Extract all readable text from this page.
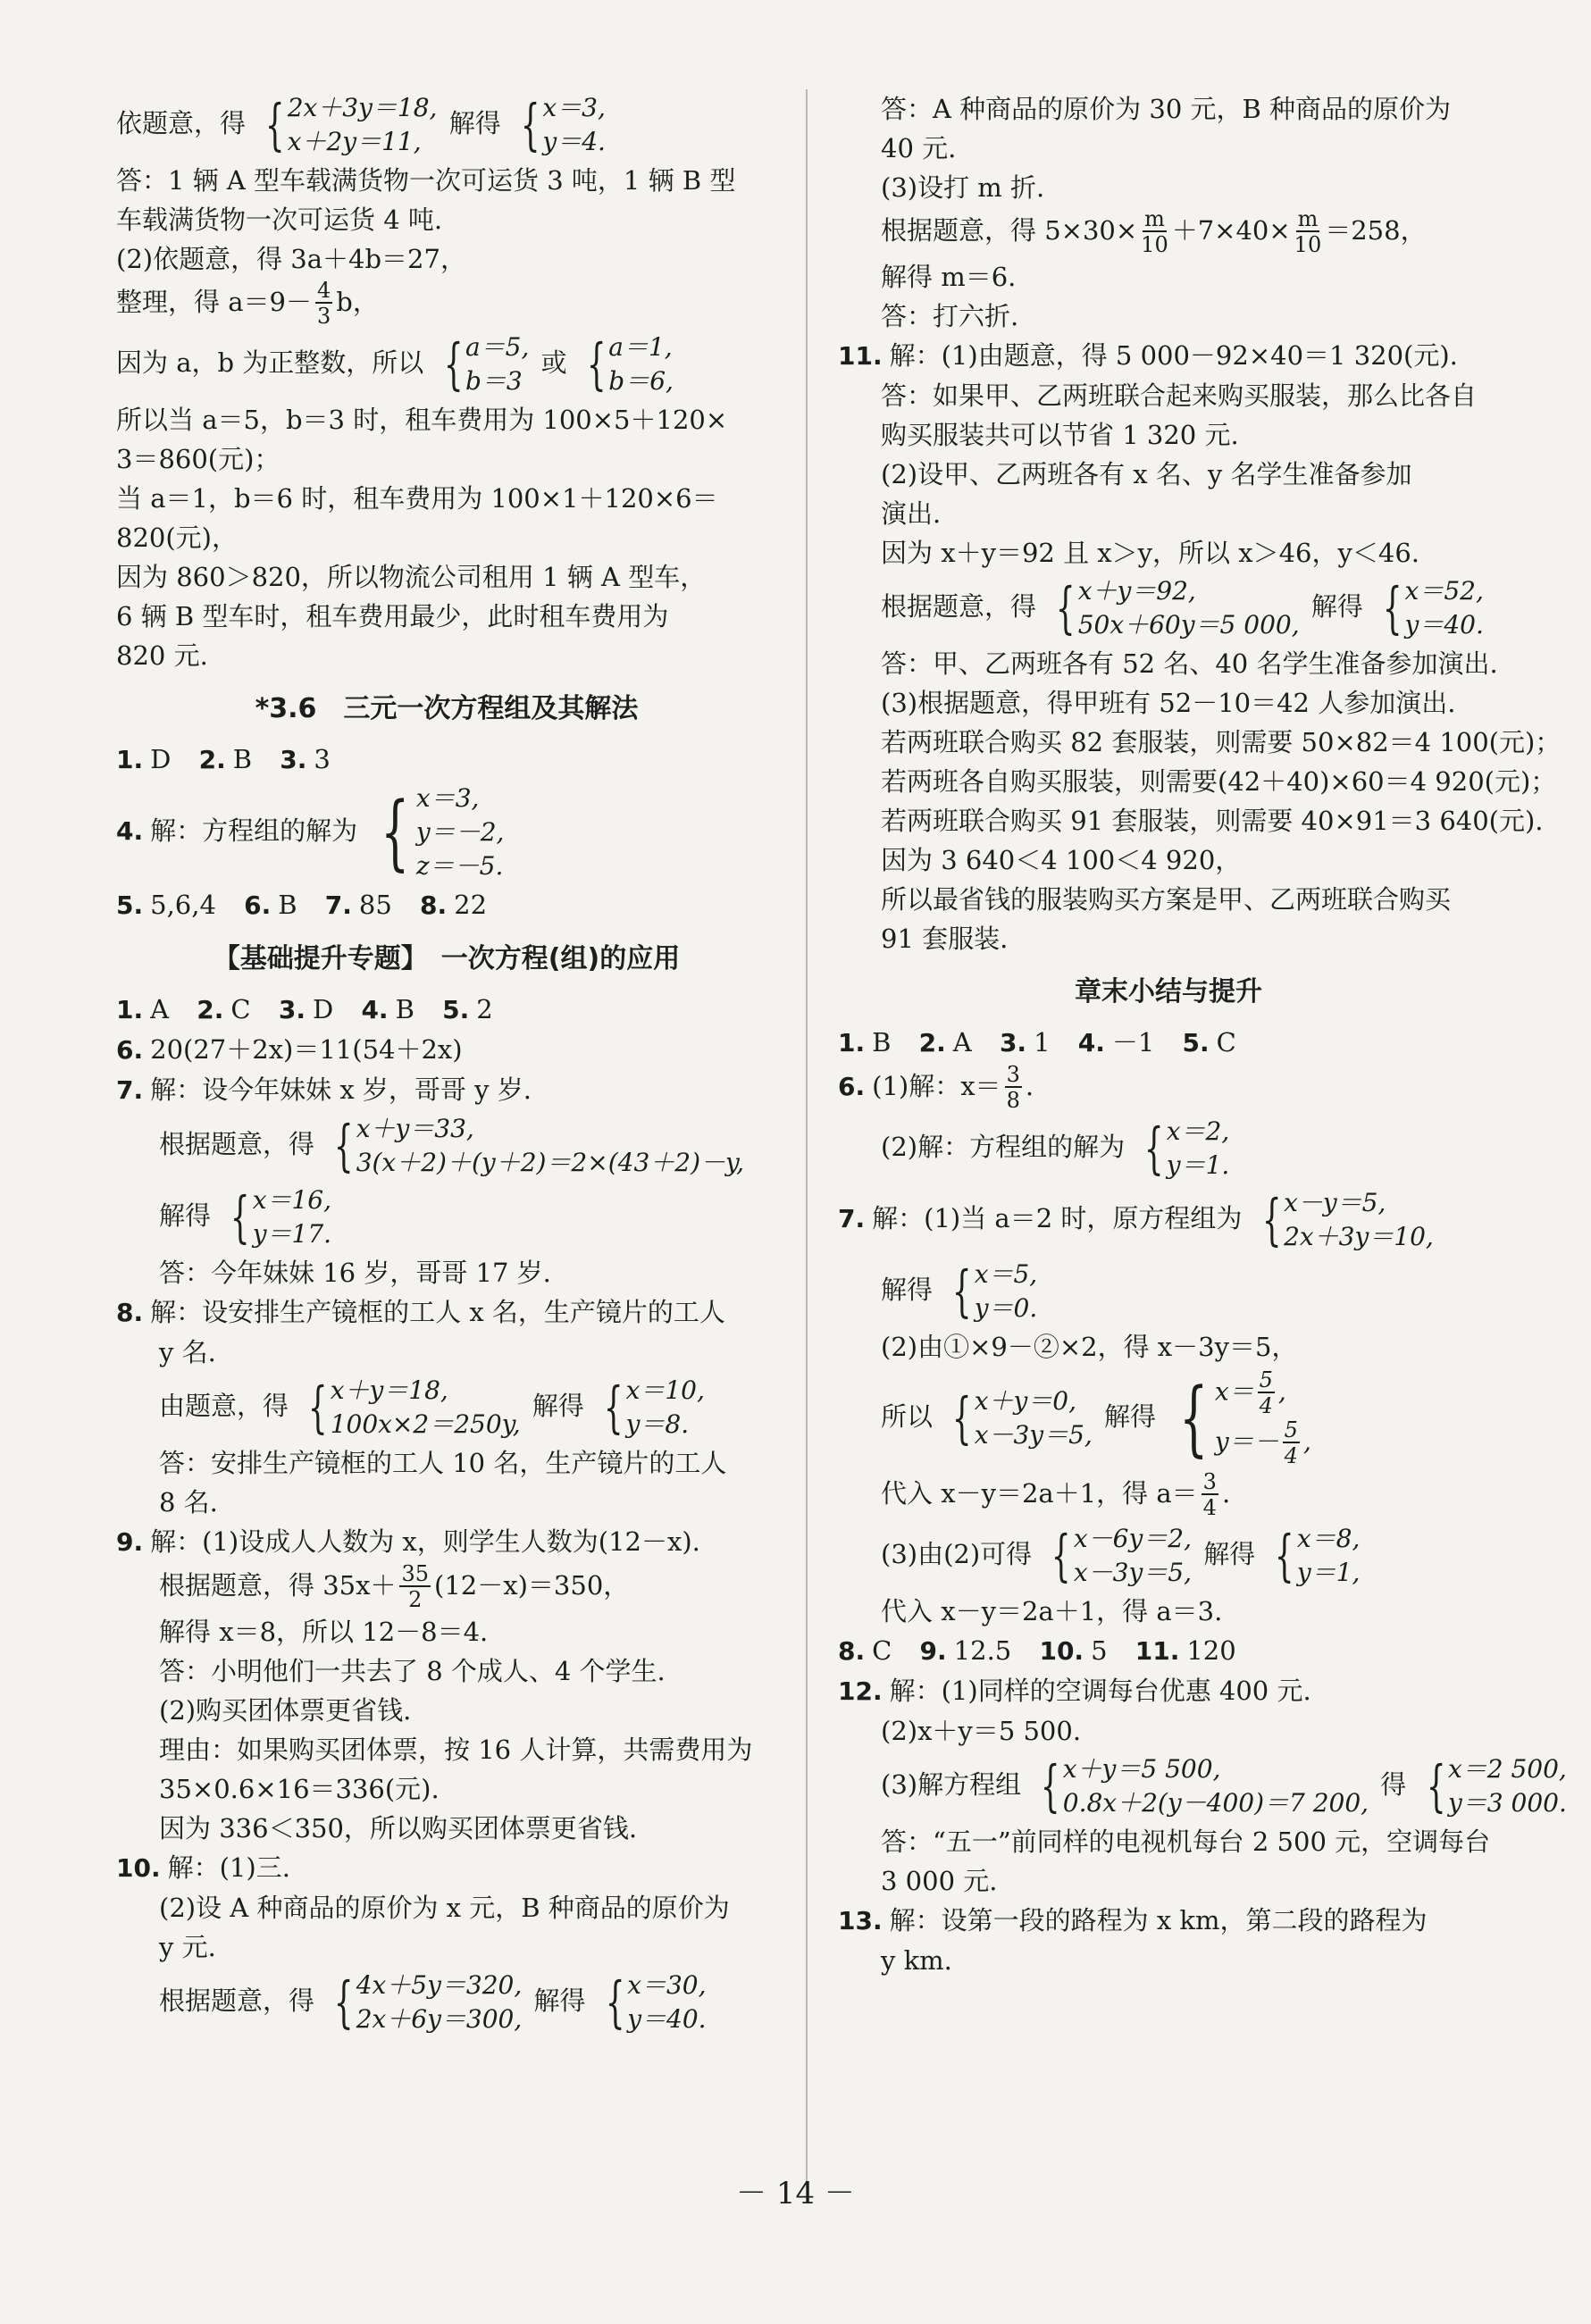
依题意，得 { 2x＋3y＝18,
x＋2y＝11,
解得 { x＝3,
y＝4.
答：1 辆 A 型车载满货物一次可运货 3 吨，1 辆 B 型
车载满货物一次可运货 4 吨.
(2)依题意，得 3a＋4b＝27，
整理，得 $a=9- \frac{4}{3}$ b，
因为 a，b 为正整数，所以 { a＝5,
b＝3
或 { a＝1,
b＝6,
所以当 a＝5，b＝3 时，租车费用为 100×5＋120×
3＝860(元)；
当 a＝1，b＝6 时，租车费用为 100×1＋120×6＝
820(元)，
因为 860＞820，所以物流公司租用 1 辆 A 型车，
6 辆 B 型车时，租车费用最少，此时租车费用为
820 元.
*3.6　三元一次方程组及其解法
1. D 2. B 3. 3
4. 解：方程组的解为 { x＝3,
y＝－2,
z＝－5.
5. 5,6,4 6. B 7. 85 8. 22
【基础提升专题】　一次方程(组)的应用
1. A 2. C 3. D 4. B 5. 2
6. 20(27＋2x)＝11(54＋2x)
7. 解：设今年妹妹 x 岁，哥哥 y 岁.
根据题意，得 { x＋y＝33,
3(x＋2)＋(y＋2)＝2×(43＋2)－y,
解得 { x＝16,
y＝17.
答：今年妹妹 16 岁，哥哥 17 岁.
8. 解：设安排生产镜框的工人 x 名，生产镜片的工人
y 名.
由题意，得 { x＋y＝18,
100x×2＝250y,
解得 { x＝10,
y＝8.
答：安排生产镜框的工人 10 名，生产镜片的工人
8 名.
9. 解：(1)设成人人数为 x，则学生人数为(12－x).
根据题意，得 $35x+ \frac{35}{2} (12-x)=350$，
解得 x＝8，所以 12－8＝4.
答：小明他们一共去了 8 个成人、4 个学生.
(2)购买团体票更省钱.
理由：如果购买团体票，按 16 人计算，共需费用为
35×0.6×16＝336(元).
因为 336＜350，所以购买团体票更省钱.
10. 解：(1)三.
(2)设 A 种商品的原价为 x 元，B 种商品的原价为
y 元.
根据题意，得 { 4x＋5y＝320,
2x＋6y＝300,
解得 { x＝30,
y＝40.
答：A 种商品的原价为 30 元，B 种商品的原价为
40 元.
(3)设打 m 折.
根据题意，得 $5\times 30\times \frac{m}{10} +7\times 40\times \frac{m}{10} =258$，
解得 m＝6.
答：打六折.
11. 解：(1)由题意，得 5 000－92×40＝1 320(元).
答：如果甲、乙两班联合起来购买服装，那么比各自
购买服装共可以节省 1 320 元.
(2)设甲、乙两班各有 x 名、y 名学生准备参加
演出.
因为 x＋y＝92 且 x＞y，所以 x＞46，y＜46.
根据题意，得 { x＋y＝92,
50x＋60y＝5 000,
解得 { x＝52,
y＝40.
答：甲、乙两班各有 52 名、40 名学生准备参加演出.
(3)根据题意，得甲班有 52－10＝42 人参加演出.
若两班联合购买 82 套服装，则需要 50×82＝4 100(元)；
若两班各自购买服装，则需要(42＋40)×60＝4 920(元)；
若两班联合购买 91 套服装，则需要 40×91＝3 640(元).
因为 3 640＜4 100＜4 920，
所以最省钱的服装购买方案是甲、乙两班联合购买
91 套服装.
章末小结与提升
1. B 2. A 3. 1 4. －1 5. C
6. (1)解：$x= \frac{3}{8}$ .
(2)解：方程组的解为 { x＝2,
y＝1.
7. 解：(1)当 a＝2 时，原方程组为 { x－y＝5,
2x＋3y＝10,
解得 { x＝5,
y＝0.
(2)由①×9－②×2，得 x－3y＝5，
所以 { x＋y＝0,
x－3y＝5,
解得 { $x= \frac{5}{4}$ ,
$y=- \frac{5}{4}$ ,
代入 x－y＝2a＋1，得 $a= \frac{3}{4}$ .
(3)由(2)可得 { x－6y＝2,
x－3y＝5,
解得 { x＝8,
y＝1,
代入 x－y＝2a＋1，得 a＝3.
8. C 9. 12.5 10. 5 11. 120
12. 解：(1)同样的空调每台优惠 400 元.
(2)x＋y＝5 500.
(3)解方程组 { x＋y＝5 500,
0.8x＋2(y－400)＝7 200,
得 { x＝2 500,
y＝3 000.
答：“五一”前同样的电视机每台 2 500 元，空调每台
3 000 元.
13. 解：设第一段的路程为 x km，第二段的路程为
y km.
－ 14 －
